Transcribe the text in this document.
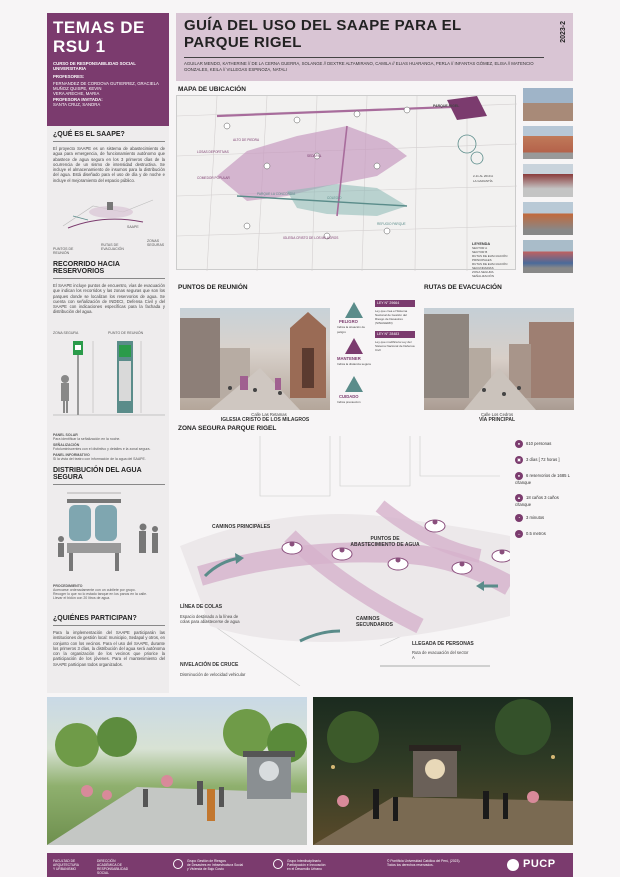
TEMAS DE RSU 1
CURSO DE RESPONSABILIDAD SOCIAL UNIVERSITARIA
PROFESORES:
FERNANDEZ DE CORDOVA GUTIERREZ, GRACIELA
MUÑOZ QUISPE, KEVIN
VERA ARECHE, MARIA
PROFESORA INVITADA:
SANTA CRUZ, SANDRA
¿QUÉ ES EL SAAPE?

El proyecto SAAPE es un sistema de abastecimiento de agua para emergencia, de funcionamiento autónomo que abastece de agua segura en los 3 primeros días de la ocurrencia de un sismo de intensidad destructiva. Se incluye el almacenamiento de insumos para la distribución del agua. Está diseñado para el uso de día y de noche e incluye el mejoramiento del espacio público.

SAAPE
ZONAS SEGURAS
RUTAS DE EVACUACIÓN
PUNTOS DE REUNIÓN
RECORRIDO HACIA RESERVORIOS

El SAAPE incluye puntos de encuentro, vías de evacuación que indican los recorridos y las zonas seguras que son los parques donde se localizan los reservorios de agua. Se cuenta con señalización de INDECI, Defensa Civil y del SAAPE con indicaciones específicas para la fachada y distribución del agua.

ZONA SEGURA	PUNTO DE REUNIÓN
PANEL SOLAR
Para identificar la señalización en la noche.
SEÑALIZACIÓN
Fotoluminiscentes con el distintivo y detalles e la zonal segura.
PANEL INFORMATIVO
Si la vista del teatro con información de la agua del SAAPE.
DISTRIBUCIÓN DEL AGUA SEGURA
PROCEDIMIENTO
Acercarse ordenadamente con un cubilete por grupo.
Recoger lo que no lo estado tanque en los panos en la calle.
Llevar el bidón con 20 litros de agua.
¿QUIÉNES PARTICIPAN?

Para la implementación del SAAPE participarán las instituciones de gestión local: municipio, Sedapal y otros, en conjunto con los vecinos. Para el uso del SAAPE, durante los primeros 3 días, la distribución del agua será autónoma con la organización de los vecinos que priorice la participación de los jóvenes. Para el mantenimiento del SAAPE participan todos organizados.

GUÍA DEL USO DEL SAAPE PARA EL PARQUE RIGEL
AGUILAR MENDO, KATHERINE // DE LA CERNA GUERRA, SOLANGE // DEXTRE ALTAMIRANO, CAMILA // ELIAS HUARANGA, PERLA // INFANTAS GÓMEZ, ELISA // MATENCIO GONZALES, KEILA // VILLEGAS ESPINOZA, NATALI
2023-2
MAPA DE UBICACIÓN
PARQUE RIGEL
LOSAS DEPORTIVAS
ALTO DE PIEDRA
SEDAPAL
COMEDOR POPULAR
PARQUE LA CONCORDIA
IGLESIA CRISTO DE LOS MILAGROS
REFUGIO PARQUE
COLEGIO
2-11 AL 2019 A LA GARANTÍA
LEYENDA
SECTOR A
SECTOR B
RUTAS DE EVACUACIÓN PRINCIPALES
RUTAS DE EVACUACIÓN SECUNDARIAS
ZONA SEGURA
SEÑALIZACIÓN
PUNTOS DE REUNIÓN
Calle Las Retamas
IGLESIA CRISTO DE LOS MILAGROS
PELIGRO
Indica la situación de peligro
MANTENER
Indica la distancia segura
CUIDADO
Indica precaución
LEY N° 29664
Ley que crea el Sistema Nacional de Gestión del Riesgo de Desastres (SINAGERD)
LEY N° 28483
Ley que modifica la Ley del Sistema Nacional de Defensa Civil
RUTAS DE EVACUACIÓN
Calle Los Cedros
VÍA PRINCIPAL
ZONA SEGURA PARQUE RIGEL
CAMINOS PRINCIPALES
PUNTOS DE ABASTECIMIENTO DE AGUA
LÍNEA DE COLAS
Espacio destinado a la línea de colas para abastecerse de agua	CAMINOS SECUNDARIOS
NIVELACIÓN DE CRUCE
Disminución de velocidad vehicular
LLEGADA DE PERSONAS
Ruta de evacuación del sector A
● 610 personas
▣ 3 días [ 72 horas ]
● 6 reservorios de 1685 L c/tanque
▲ 18 caños 3 caños c/tanque
◔ 3 minutos
↔ 0.5 metros
FACULTAD DE
ARQUITECTURA
Y URBANISMO
DIRECCIÓN
ACADÉMICA DE
RESPONSABILIDAD
SOCIAL
Grupo Gestión de Riesgos
de Desastres en Infraestructura Social
y Vivienda de Bajo Costo
Grupo Interdisciplinario
Participación e Innovación
en el Desarrollo Urbano
© Pontificia Universidad Católica del Perú, (2023).
Todos los derechos reservados.	PUCP
